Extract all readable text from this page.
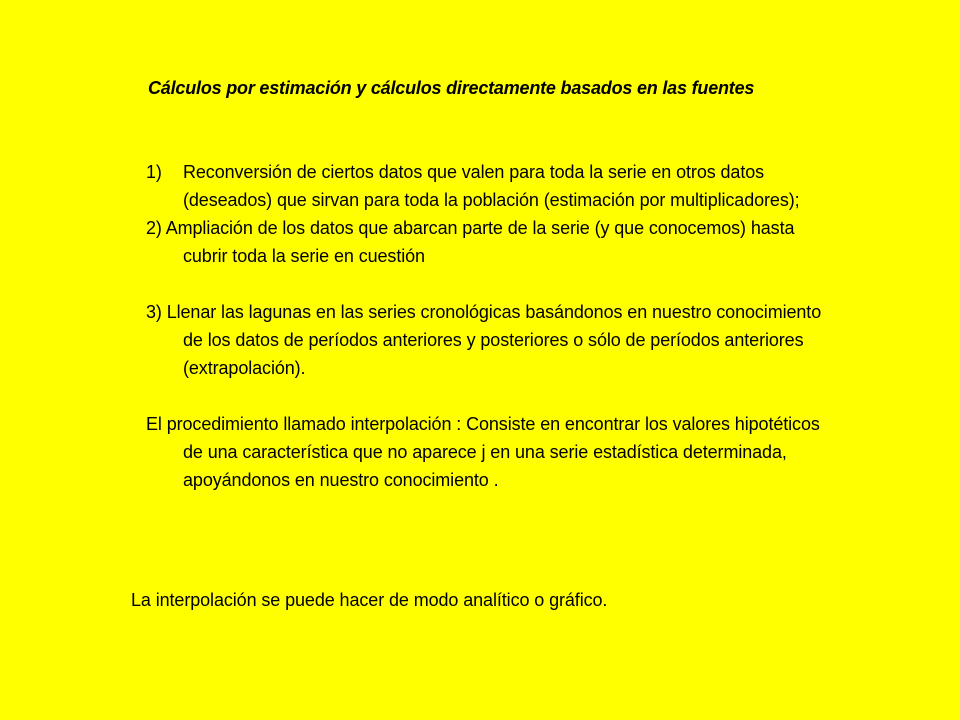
Cálculos por estimación y cálculos directamente basados en las fuentes
1) Reconversión de ciertos datos que valen para toda la serie en otros datos (deseados) que sirvan para toda la población (estimación por multiplicadores);
2) Ampliación de los datos que abarcan parte de la serie (y que conocemos) hasta cubrir toda la serie en cuestión
3) Llenar las lagunas en las series cronológicas basándonos en nuestro conocimiento de los datos de períodos anteriores y posteriores o sólo de períodos anteriores (extrapolación).
El procedimiento llamado interpolación : Consiste en encontrar los valores hipotéticos de una característica que no aparece j en una serie estadística determinada, apoyándonos en nuestro conocimiento .
La interpolación se puede hacer de modo analítico o gráfico.
